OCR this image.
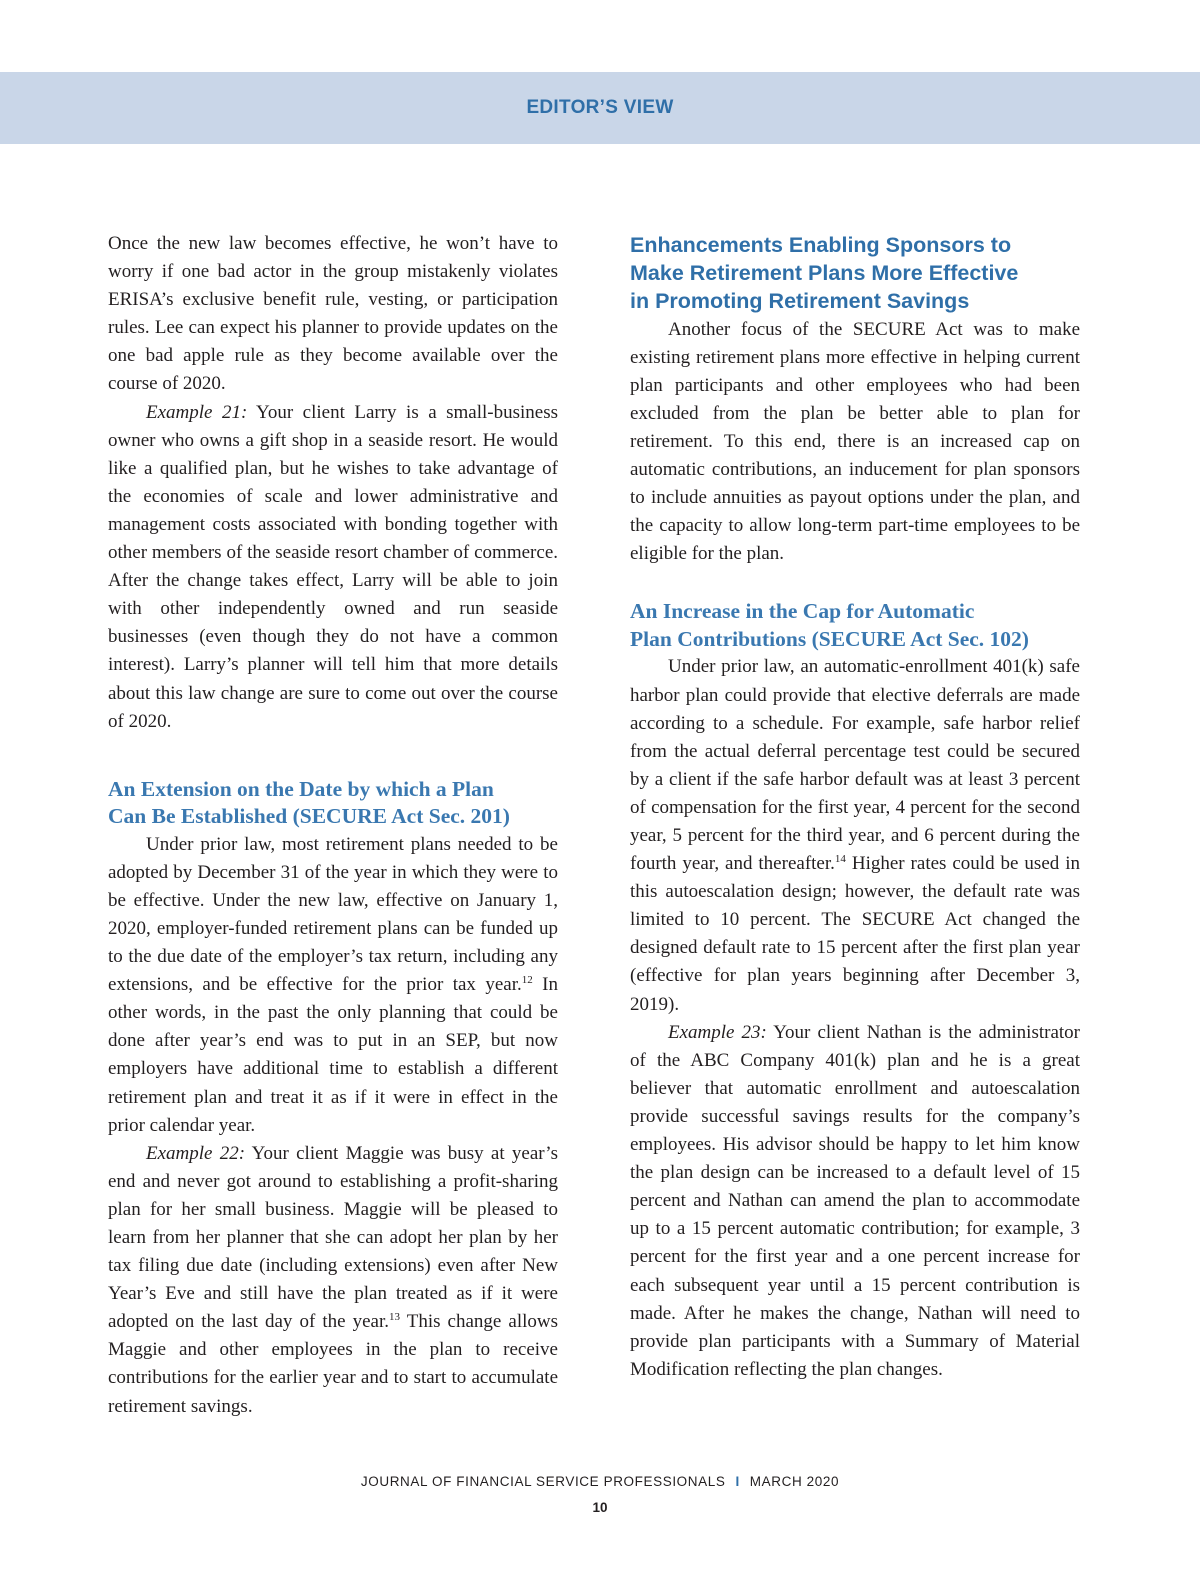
EDITOR’S VIEW

Once the new law becomes effective, he won’t have to worry if one bad actor in the group mistakenly violates ERISA’s exclusive benefit rule, vesting, or participation rules. Lee can expect his planner to provide updates on the one bad apple rule as they become available over the course of 2020.

Example 21: Your client Larry is a small-business owner who owns a gift shop in a seaside resort. He would like a qualified plan, but he wishes to take advantage of the economies of scale and lower administrative and management costs associated with bonding together with other members of the seaside resort chamber of commerce. After the change takes effect, Larry will be able to join with other independently owned and run seaside businesses (even though they do not have a common interest). Larry’s planner will tell him that more details about this law change are sure to come out over the course of 2020.

An Extension on the Date by which a Plan
Can Be Established (SECURE Act Sec. 201)

Under prior law, most retirement plans needed to be adopted by December 31 of the year in which they were to be effective. Under the new law, effective on January 1, 2020, employer-funded retirement plans can be funded up to the due date of the employer’s tax return, including any extensions, and be effective for the prior tax year.$^{12}$ In other words, in the past the only planning that could be done after year’s end was to put in an SEP, but now employers have additional time to establish a different retirement plan and treat it as if it were in effect in the prior calendar year.

Example 22: Your client Maggie was busy at year’s end and never got around to establishing a profit-sharing plan for her small business. Maggie will be pleased to learn from her planner that she can adopt her plan by her tax filing due date (including extensions) even after New Year’s Eve and still have the plan treated as if it were adopted on the last day of the year.$^{13}$ This change allows Maggie and other employees in the plan to receive contributions for the earlier year and to start to accumulate retirement savings.

Enhancements Enabling Sponsors to
Make Retirement Plans More Effective
in Promoting Retirement Savings

Another focus of the SECURE Act was to make existing retirement plans more effective in helping current plan participants and other employees who had been excluded from the plan be better able to plan for retirement. To this end, there is an increased cap on automatic contributions, an inducement for plan sponsors to include annuities as payout options under the plan, and the capacity to allow long-term part-time employees to be eligible for the plan.

An Increase in the Cap for Automatic
Plan Contributions (SECURE Act Sec. 102)

Under prior law, an automatic-enrollment 401(k) safe harbor plan could provide that elective deferrals are made according to a schedule. For example, safe harbor relief from the actual deferral percentage test could be secured by a client if the safe harbor default was at least 3 percent of compensation for the first year, 4 percent for the second year, 5 percent for the third year, and 6 percent during the fourth year, and thereafter.$^{14}$ Higher rates could be used in this autoescalation design; however, the default rate was limited to 10 percent. The SECURE Act changed the designed default rate to 15 percent after the first plan year (effective for plan years beginning after December 3, 2019).

Example 23: Your client Nathan is the administrator of the ABC Company 401(k) plan and he is a great believer that automatic enrollment and autoescalation provide successful savings results for the company’s employees. His advisor should be happy to let him know the plan design can be increased to a default level of 15 percent and Nathan can amend the plan to accommodate up to a 15 percent automatic contribution; for example, 3 percent for the first year and a one percent increase for each subsequent year until a 15 percent contribution is made. After he makes the change, Nathan will need to provide plan participants with a Summary of Material Modification reflecting the plan changes.

JOURNAL OF FINANCIAL SERVICE PROFESSIONALS I MARCH 2020
10
